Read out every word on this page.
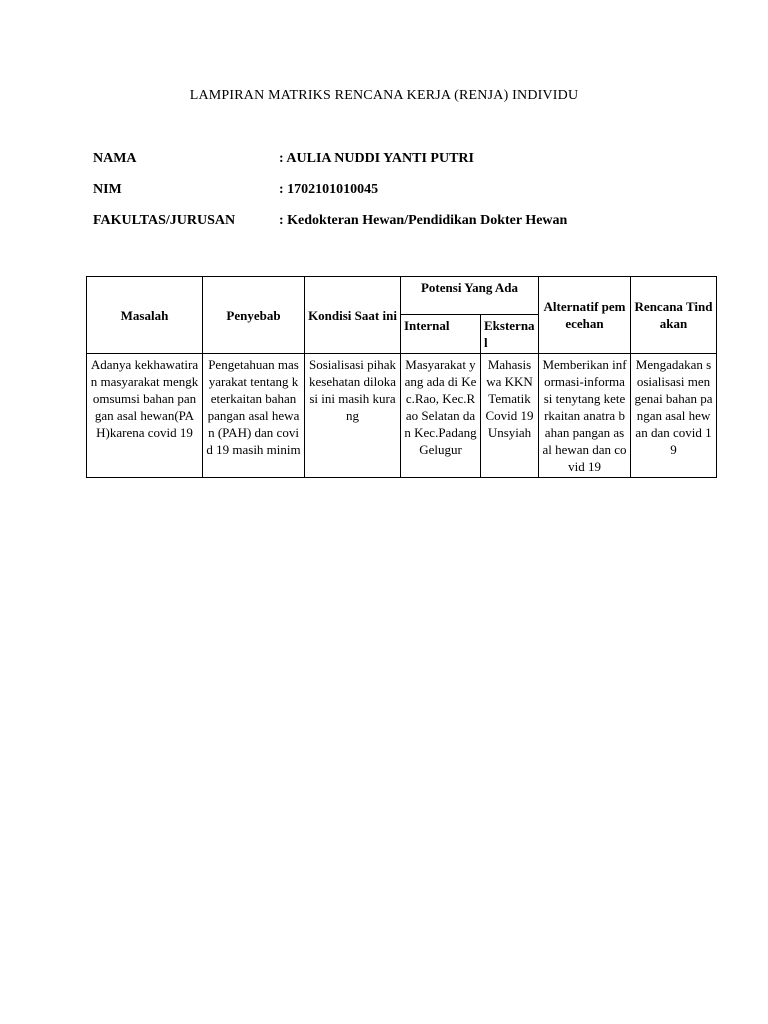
LAMPIRAN MATRIKS RENCANA KERJA (RENJA) INDIVIDU
NAMA	: AULIA NUDDI YANTI PUTRI
NIM	: 1702101010045
FAKULTAS/JURUSAN	: Kedokteran Hewan/Pendidikan Dokter Hewan
Masalah	Penyebab	Kondisi Saat ini	Potensi Yang Ada		Alternatif pemecehan	Rencana Tindakan
			Internal	Eksternal		
Adanya kekhawatiran masyarakat mengkomsumsi bahan pangan asal hewan(PAH)karena covid 19	Pengetahuan masyarakat tentang keterkaitan bahan pangan asal hewan (PAH) dan covid 19 masih minim	Sosialisasi pihak kesehatan dilokasi ini masih kurang	Masyarakat yang ada di Kec.Rao, Kec.Rao Selatan dan Kec.Padang Gelugur	Mahasiswa KKN Tematik Covid 19 Unsyiah	Memberikan informasi-informasi tenytang keterkaitan anatra bahan pangan asal hewan dan covid 19	Mengadakan sosialisasi mengenai bahan pangan asal hewan dan covid 19
